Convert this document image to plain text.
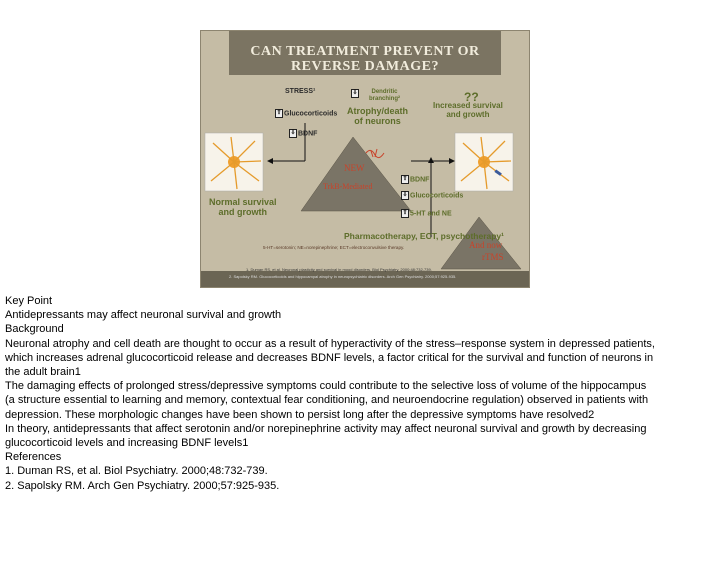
CAN TREATMENT PREVENT OR
REVERSE DAMAGE?
STRESS¹
⇧ Glucocorticoids
⇩ BDNF
⇩	Dendritic
branching²
Atrophy/death
of neurons
??
Increased survival
and growth
NEW
TrkB-Mediated
⇧ BDNF
⇩ Glucocorticoids
⇧ 5-HT and NE
Normal survival
and growth
Pharmacotherapy, ECT, psychotherapy¹
And now
rTMS
5-HT=serotonin; NE=norepinephrine; ECT=electroconvulsive therapy.
1. Duman RS, et al. Neuronal plasticity and survival in mood disorders. Biol Psychiatry. 2000;48:732-739.
2. Sapolsky RM. Glucocorticoids and hippocampal atrophy in neuropsychiatric disorders. Arch Gen Psychiatry. 2000;57:925-935.
Key Point
Antidepressants may affect neuronal survival and growth
Background
Neuronal atrophy and cell death are thought to occur as a result of hyperactivity of the stress–response system in depressed patients,
which increases adrenal glucocorticoid release and decreases BDNF levels, a factor critical for the survival and function of neurons in
the adult brain1
The damaging effects of prolonged stress/depressive symptoms could contribute to the selective loss of volume of the hippocampus
(a structure essential to learning and memory, contextual fear conditioning, and neuroendocrine regulation) observed in patients with
depression. These morphologic changes have been shown to persist long after the depressive symptoms have resolved2
In theory, antidepressants that affect serotonin and/or norepinephrine activity may affect neuronal survival and growth by decreasing
glucocorticoid levels and increasing BDNF levels1
References
1. Duman RS, et al. Biol Psychiatry. 2000;48:732-739.
2. Sapolsky RM. Arch Gen Psychiatry. 2000;57:925-935.
